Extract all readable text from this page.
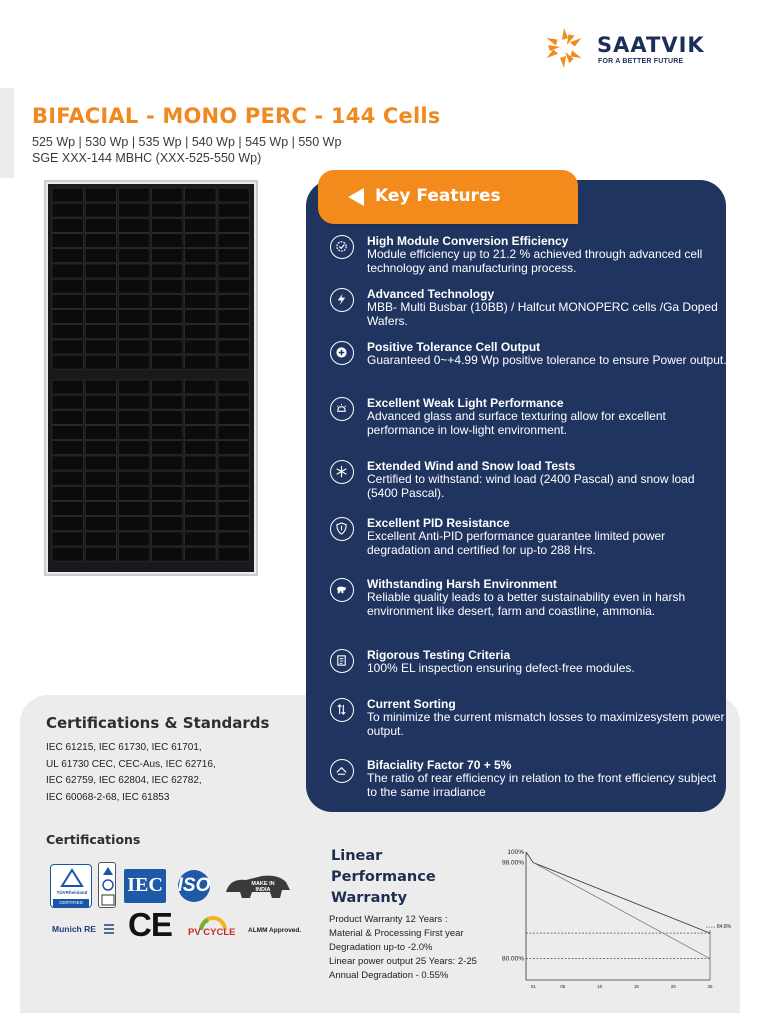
SAATVIK
FOR A BETTER FUTURE
BIFACIAL - MONO PERC - 144 Cells
525 Wp | 530 Wp | 535 Wp | 540 Wp | 545 Wp | 550 Wp
SGE XXX-144 MBHC (XXX-525-550 Wp)
Key Features
High Module Conversion Efficiency
Module efficiency up to 21.2 % achieved through advanced cell technology and manufacturing process.
Advanced Technology
MBB- Multi Busbar (10BB) / Halfcut MONOPERC cells /Ga Doped Wafers.
Positive Tolerance Cell Output
Guaranteed 0~+4.99 Wp positive tolerance to ensure Power output.
Excellent Weak Light Performance
Advanced glass and surface texturing allow for excellent performance in low-light environment.
Extended Wind and Snow load Tests
Certified to withstand: wind load (2400 Pascal) and snow load (5400 Pascal).
Excellent PID Resistance
Excellent Anti-PID performance guarantee limited power degradation and certified for up-to 288 Hrs.
Withstanding Harsh Environment
Reliable quality leads to a better sustainability even in harsh environment like desert, farm and coastline, ammonia.
Rigorous Testing Criteria
100% EL inspection ensuring defect-free modules.
Current Sorting
To minimize the current mismatch losses to maximizesystem power output.
Bifaciality Factor 70 + 5%
The ratio of rear efficiency in relation to the front efficiency subject to the same irradiance
Certifications & Standards
IEC 61215, IEC 61730, IEC 61701,
UL 61730 CEC, CEC-Aus, IEC 62716,
IEC 62759, IEC 62804, IEC 62782,
IEC 60068-2-68, IEC 61853
Certifications
TÜVRheinland
CERTIFIED
IEC ISO	MAKE IN INDIA
Munich RE CE PV CYCLE ALMM Approved.
Linear Performance Warranty
Product Warranty 12 Years :
Material & Processing First year
Degradation up-to -2.0%
Linear power output 25 Years: 2-25
Annual Degradation - 0.55%
100%
98.00%
80.00%
01	05	10	15	20	25
84.8%
